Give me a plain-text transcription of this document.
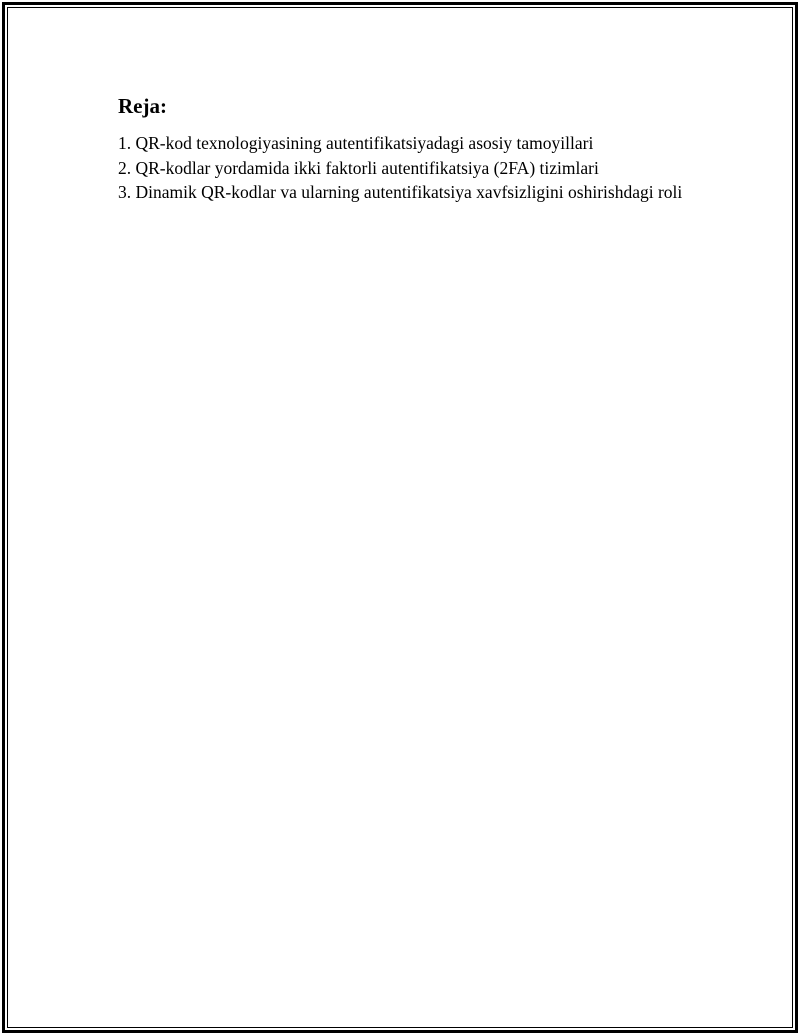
Reja:
1. QR-kod texnologiyasining autentifikatsiyadagi asosiy tamoyillari
2. QR-kodlar yordamida ikki faktorli autentifikatsiya (2FA) tizimlari
3. Dinamik QR-kodlar va ularning autentifikatsiya xavfsizligini oshirishdagi roli
